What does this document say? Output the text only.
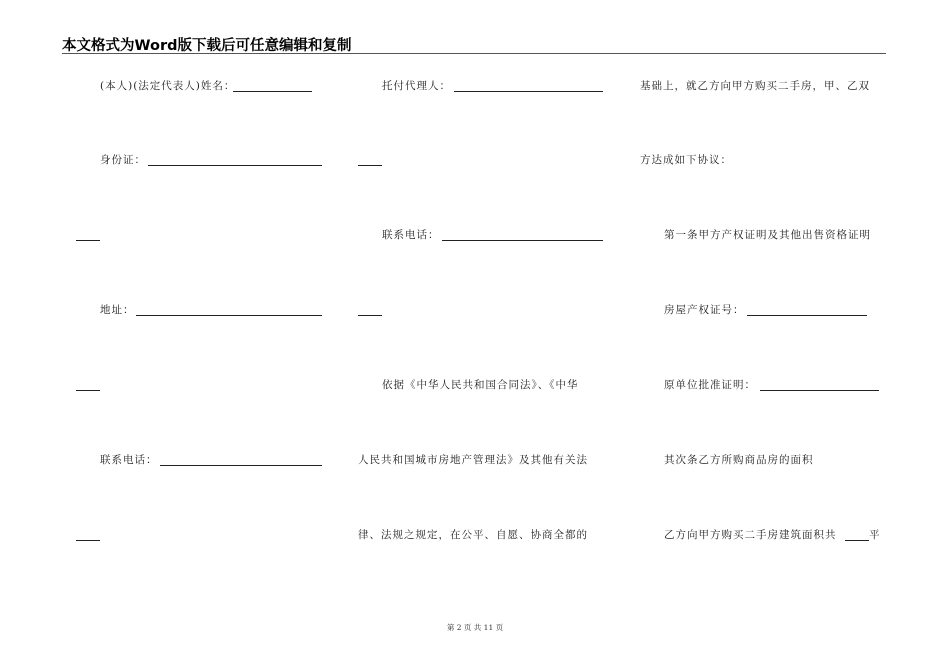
本文格式为Word版下载后可任意编辑和复制
(本人)(法定代表人)姓名：
身份证：
地址：
联系电话：
托付代理人：
联系电话：
依据《中华人民共和国合同法》、《中华
人民共和国城市房地产管理法》及其他有关法
律、法规之规定，在公平、自愿、协商全都的
基础上，就乙方向甲方购买二手房，甲、乙双
方达成如下协议：
第一条甲方产权证明及其他出售资格证明
房屋产权证号：
原单位批准证明：
其次条乙方所购商品房的面积
乙方向甲方购买二手房建筑面积共	平
第 2 页 共 11 页
